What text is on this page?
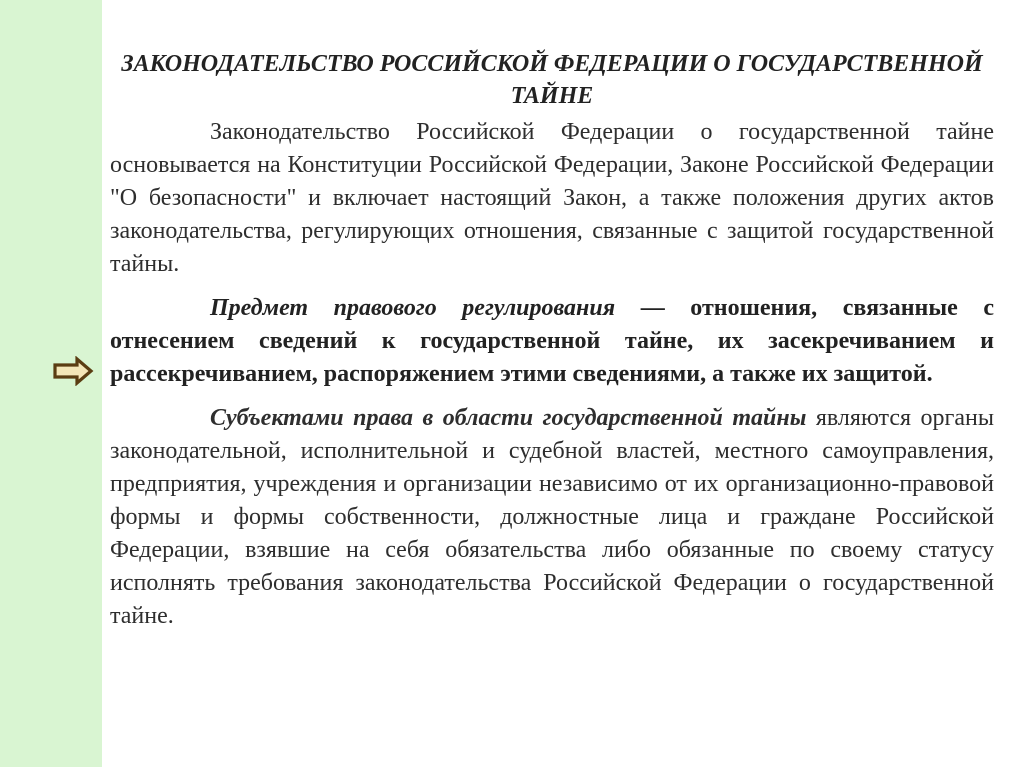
ЗАКОНОДАТЕЛЬСТВО РОССИЙСКОЙ ФЕДЕРАЦИИ О ГОСУДАРСТВЕННОЙ ТАЙНЕ

Законодательство Российской Федерации о государственной тайне основывается на Конституции Российской Федерации, Законе Российской Федерации "О безопасности" и включает настоящий Закон, а также положения других актов законодательства, регулирующих отношения, связанные с защитой государственной тайны.

Предмет правового регулирования — отношения, связанные с отнесением сведений к государственной тайне, их засекречиванием и рассекречиванием, распоряжением этими сведениями, а также их защитой.

Субъектами права в области государственной тайны являются органы законодательной, исполнительной и судебной властей, местного самоуправления, предприятия, учреждения и организации независимо от их организационно-правовой формы и формы собственности, должностные лица и граждане Российской Федерации, взявшие на себя обязательства либо обязанные по своему статусу исполнять требования законодательства Российской Федерации о государственной тайне.
